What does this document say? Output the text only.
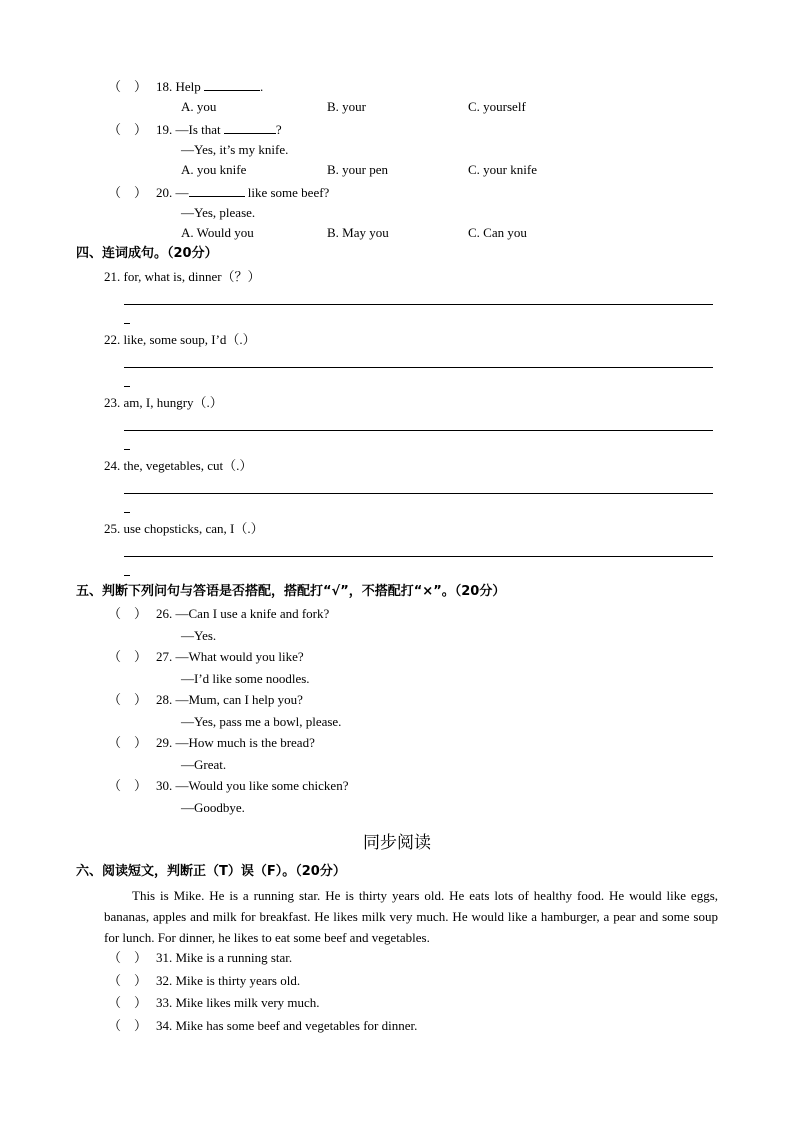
（ ） 18. Help	.
A. you	B. your	C. yourself
（ ） 19. —Is that	?
—Yes, it’s my knife.
A. you knife	B. your pen	C. your knife
（ ） 20. —	like some beef?
—Yes, please.
A. Would you	B. May you	C. Can you
四、连词成句。（20分）
21. for, what is, dinner（？）
22. like, some soup, I’d（.）
23. am, I, hungry（.）
24. the, vegetables, cut（.）
25. use chopsticks, can, I（.）
五、判断下列问句与答语是否搭配，搭配打“√”，不搭配打“×”。（20分）
（ ） 26. —Can I use a knife and fork?
—Yes.
（ ） 27. —What would you like?
—I’d like some noodles.
（ ） 28. —Mum, can I help you?
—Yes, pass me a bowl, please.
（ ） 29. —How much is the bread?
—Great.
（ ） 30. —Would you like some chicken?
—Goodbye.
同步阅读
六、阅读短文，判断正（T）误（F）。（20分）
This is Mike. He is a running star. He is thirty years old. He eats lots of healthy food. He would like eggs, bananas, apples and milk for breakfast. He likes milk very much. He would like a hamburger, a pear and some soup for lunch. For dinner, he likes to eat some beef and vegetables.
（ ） 31. Mike is a running star.
（ ） 32. Mike is thirty years old.
（ ） 33. Mike likes milk very much.
（ ） 34. Mike has some beef and vegetables for dinner.
